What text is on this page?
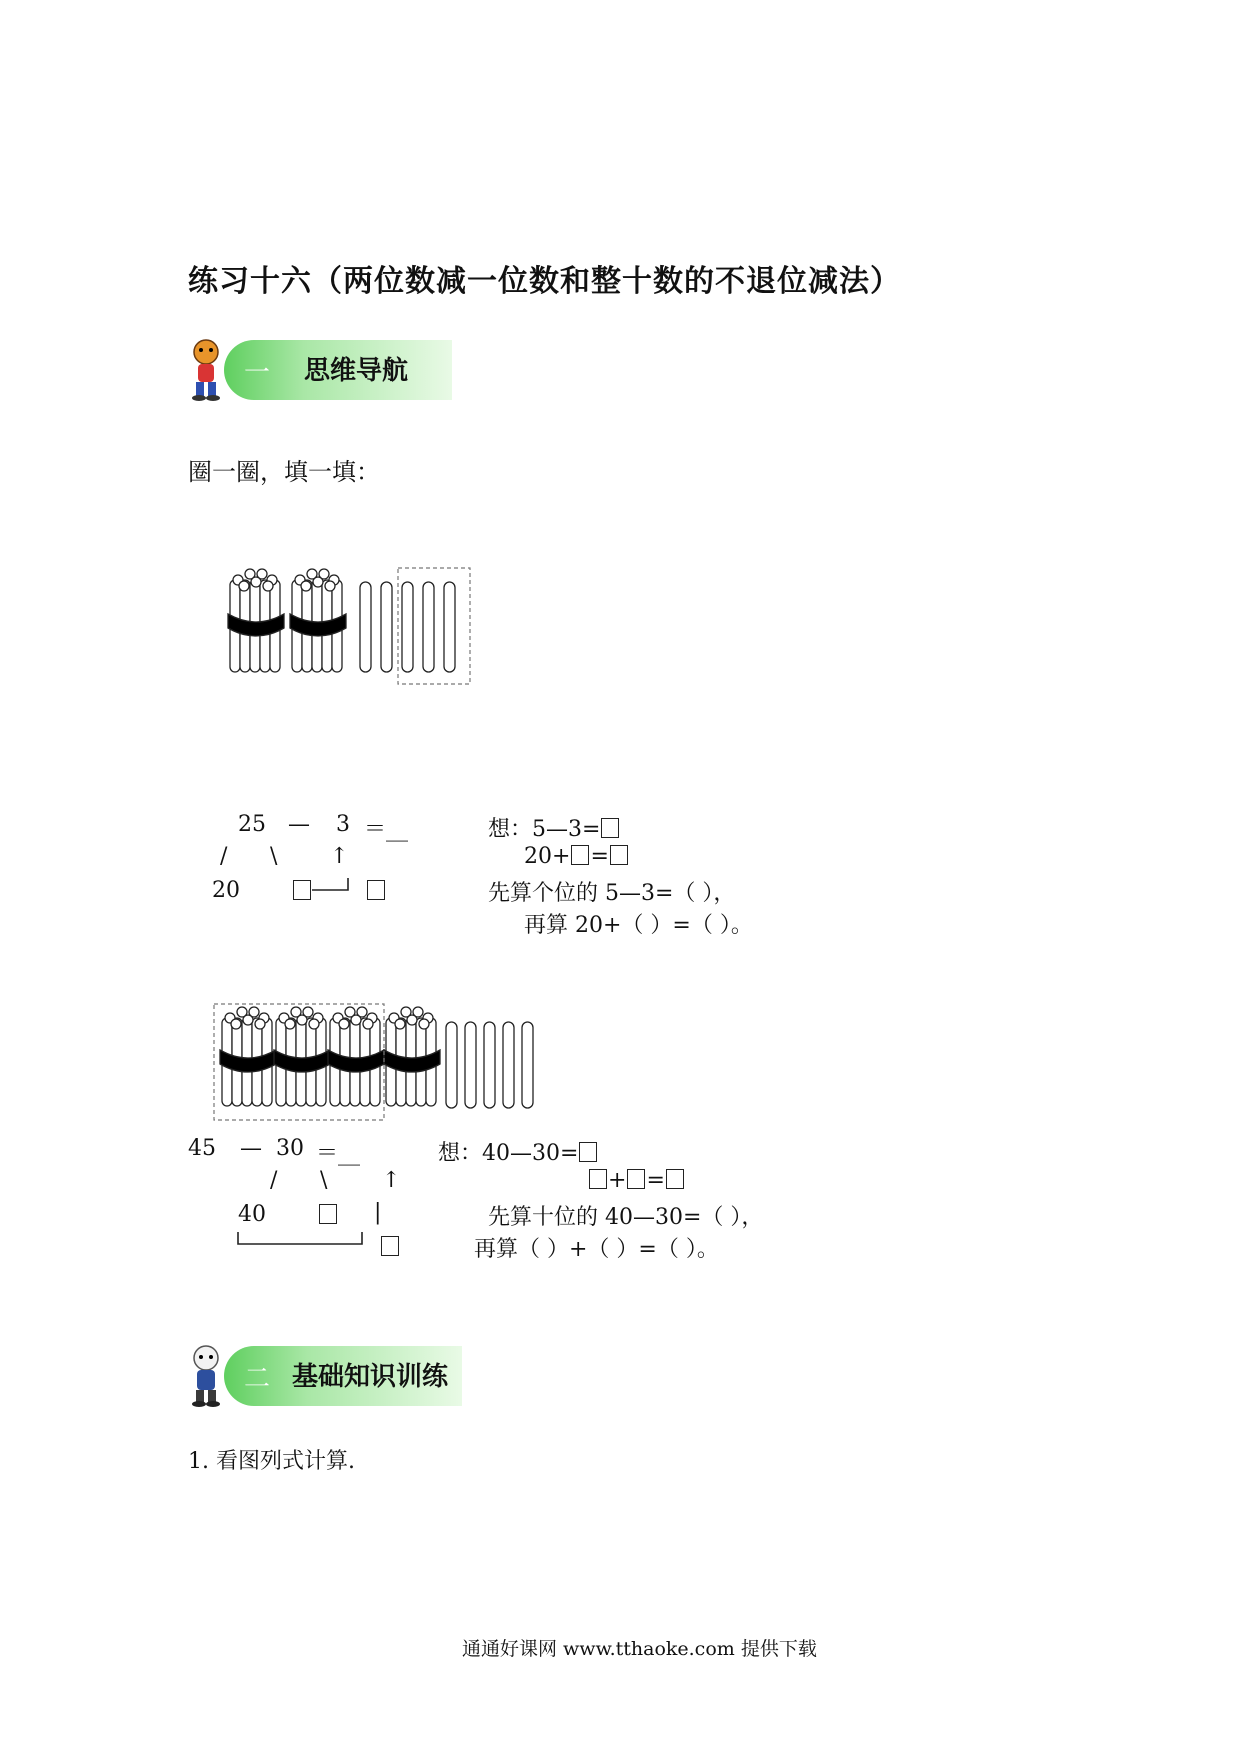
练习十六（两位数减一位数和整十数的不退位减法）
一 思维导航
圈一圈，填一填：
25 — 3 ＝__
/ \ ↑
20
想：5—3=
20+ =
先算个位的 5—3=（ ），
再算 20+（ ）=（ ）。
45 — 30 ＝__
/ \ ↑
40	|
想：40—30=
+ =
先算十位的 40—30=（ ），
再算（ ）+（ ）=（ ）。
二 基础知识训练
1. 看图列式计算.
通通好课网 www.tthaoke.com 提供下载
